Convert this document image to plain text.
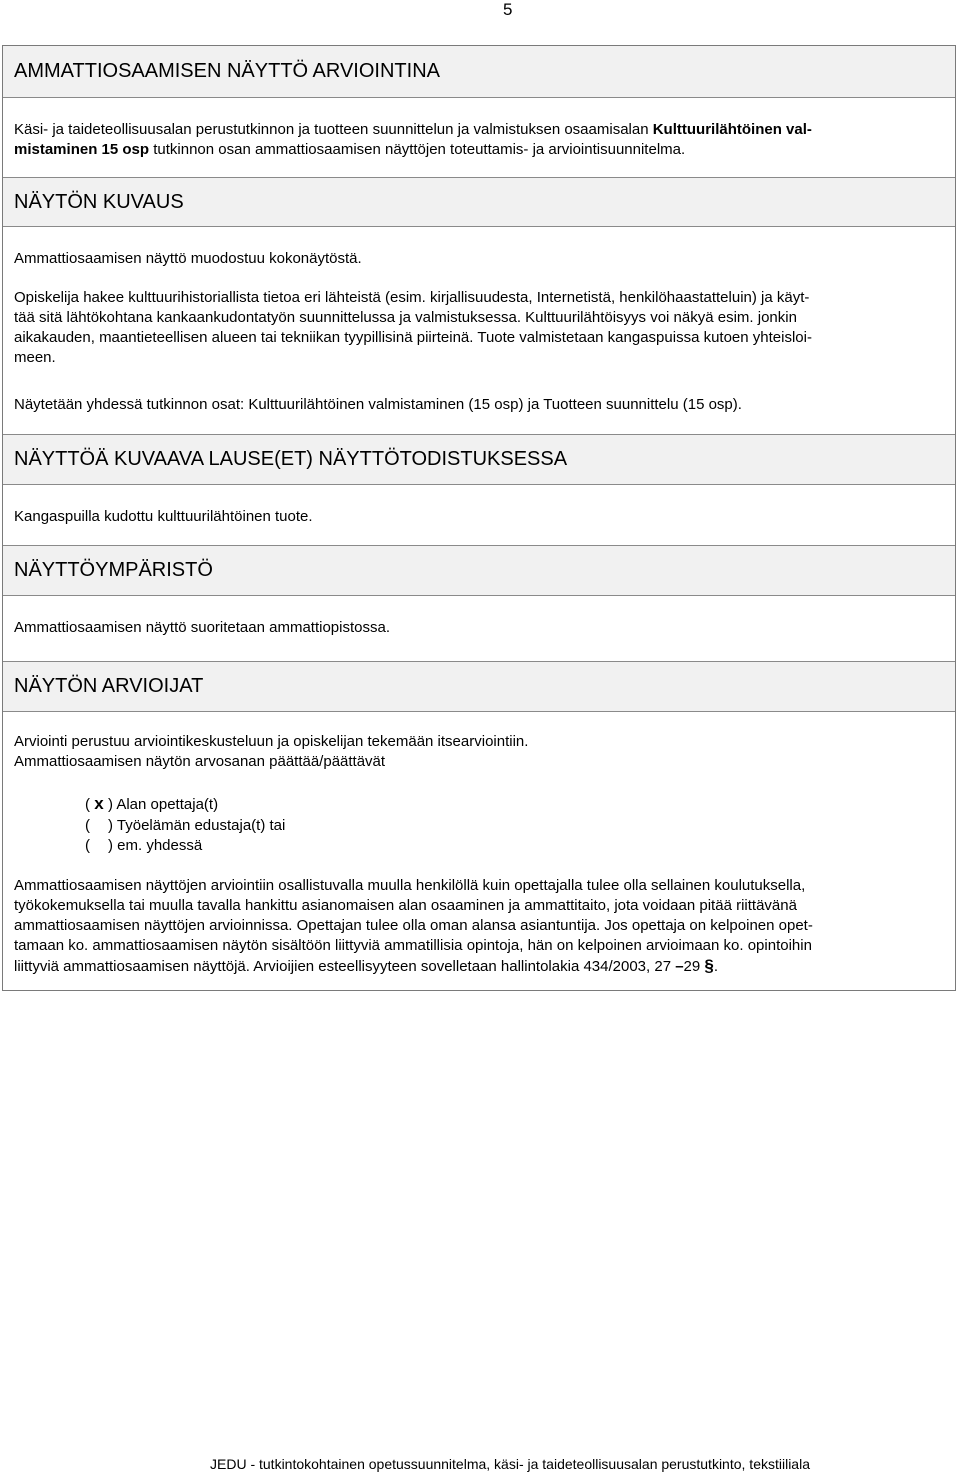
5
AMMATTIOSAAMISEN NÄYTTÖ ARVIOINTINA
Käsi- ja taideteollisuusalan perustutkinnon ja tuotteen suunnittelun ja valmistuksen osaamisalan Kulttuurilähtöinen val-
mistaminen 15 osp tutkinnon osan ammattiosaamisen näyttöjen toteuttamis- ja arviointisuunnitelma.
NÄYTÖN KUVAUS
Ammattiosaamisen näyttö muodostuu kokonäytöstä.
Opiskelija hakee kulttuurihistoriallista tietoa eri lähteistä (esim. kirjallisuudesta, Internetistä, henkilöhaastatteluin) ja käyt-
tää sitä lähtökohtana kankaankudontatyön suunnittelussa ja valmistuksessa. Kulttuurilähtöisyys voi näkyä esim. jonkin
aikakauden, maantieteellisen alueen tai tekniikan tyypillisinä piirteinä. Tuote valmistetaan kangaspuissa kutoen yhteisloi-
meen.
Näytetään yhdessä tutkinnon osat: Kulttuurilähtöinen valmistaminen (15 osp) ja Tuotteen suunnittelu (15 osp).
NÄYTTÖÄ KUVAAVA LAUSE(ET) NÄYTTÖTODISTUKSESSA
Kangaspuilla kudottu kulttuurilähtöinen tuote.
NÄYTTÖYMPÄRISTÖ
Ammattiosaamisen näyttö suoritetaan ammattiopistossa.
NÄYTÖN ARVIOIJAT
Arviointi perustuu arviointikeskusteluun ja opiskelijan tekemään itsearviointiin.
Ammattiosaamisen näytön arvosanan päättää/päättävät
( x ) Alan opettaja(t)
( ) Työelämän edustaja(t) tai
( ) em. yhdessä
Ammattiosaamisen näyttöjen arviointiin osallistuvalla muulla henkilöllä kuin opettajalla tulee olla sellainen koulutuksella,
työkokemuksella tai muulla tavalla hankittu asianomaisen alan osaaminen ja ammattitaito, jota voidaan pitää riittävänä
ammattiosaamisen näyttöjen arvioinnissa. Opettajan tulee olla oman alansa asiantuntija. Jos opettaja on kelpoinen opet-
tamaan ko. ammattiosaamisen näytön sisältöön liittyviä ammatillisia opintoja, hän on kelpoinen arvioimaan ko. opintoihin
liittyviä ammattiosaamisen näyttöjä. Arvioijien esteellisyyteen sovelletaan hallintolakia 434/2003, 27 –29 §.
JEDU - tutkintokohtainen opetussuunnitelma, käsi- ja taideteollisuusalan perustutkinto, tekstiiliala
